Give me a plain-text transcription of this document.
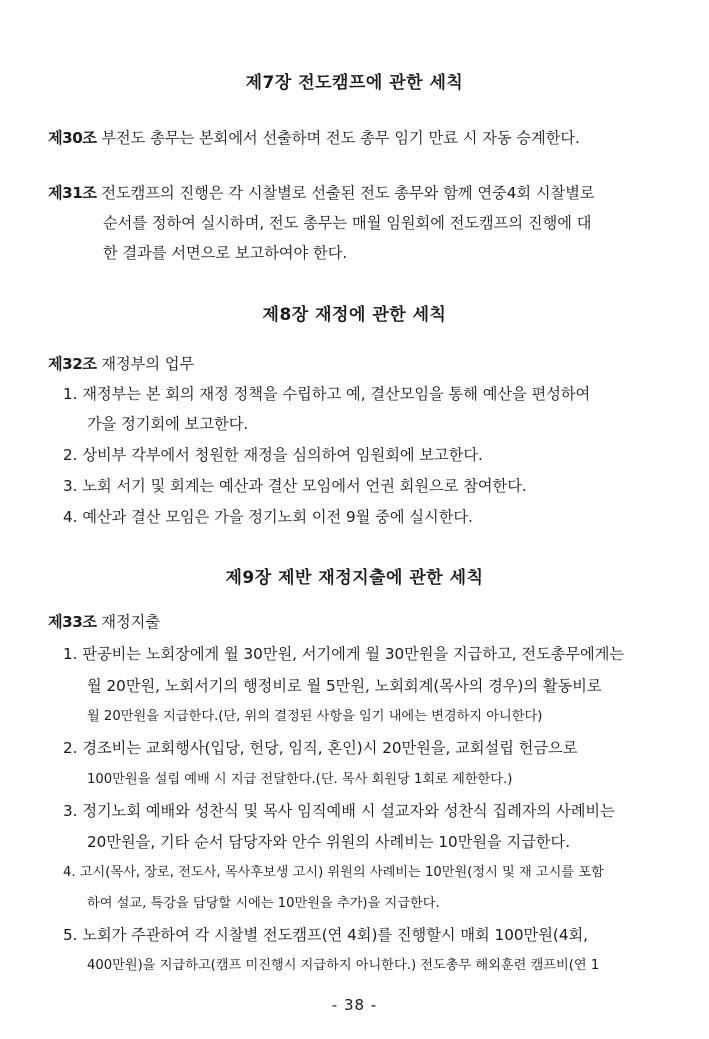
제7장 전도캠프에 관한 세칙
제30조 부전도 총무는 본회에서 선출하며 전도 총무 임기 만료 시 자동 승계한다.
제31조 전도캠프의 진행은 각 시찰별로 선출된 전도 총무와 함께 연중4회 시찰별로
순서를 정하여 실시하며, 전도 총무는 매월 임원회에 전도캠프의 진행에 대
한 결과를 서면으로 보고하여야 한다.
제8장 재정에 관한 세칙
제32조 재정부의 업무
1. 재정부는 본 회의 재정 정책을 수립하고 예, 결산모임을 통해 예산을 편성하여
가을 정기회에 보고한다.
2. 상비부 각부에서 청원한 재정을 심의하여 임원회에 보고한다.
3. 노회 서기 및 회계는 예산과 결산 모임에서 언권 회원으로 참여한다.
4. 예산과 결산 모임은 가을 정기노회 이전 9월 중에 실시한다.
제9장 제반 재정지출에 관한 세칙
제33조 재정지출
1. 판공비는 노회장에게 월 30만원, 서기에게 월 30만원을 지급하고, 전도총무에게는
월 20만원, 노회서기의 행정비로 월 5만원, 노회회계(목사의 경우)의 활동비로
월 20만원을 지급한다.(단, 위의 결정된 사항을 임기 내에는 변경하지 아니한다)
2. 경조비는 교회행사(입당, 헌당, 임직, 혼인)시 20만원을, 교회설립 헌금으로
100만원을 설립 예배 시 지급 전달한다.(단. 목사 회원당 1회로 제한한다.)
3. 정기노회 예배와 성찬식 및 목사 임직예배 시 설교자와 성찬식 집례자의 사례비는
20만원을, 기타 순서 담당자와 안수 위원의 사례비는 10만원을 지급한다.
4. 고시(목사, 장로, 전도사, 목사후보생 고시) 위원의 사례비는 10만원(정시 및 재 고시를 포함
하여 설교, 특강을 담당할 시에는 10만원을 추가)을 지급한다.
5. 노회가 주관하여 각 시찰별 전도캠프(연 4회)를 진행할시 매회 100만원(4회,
400만원)을 지급하고(캠프 미진행시 지급하지 아니한다.) 전도총무 해외훈련 캠프비(연 1
- 38 -
